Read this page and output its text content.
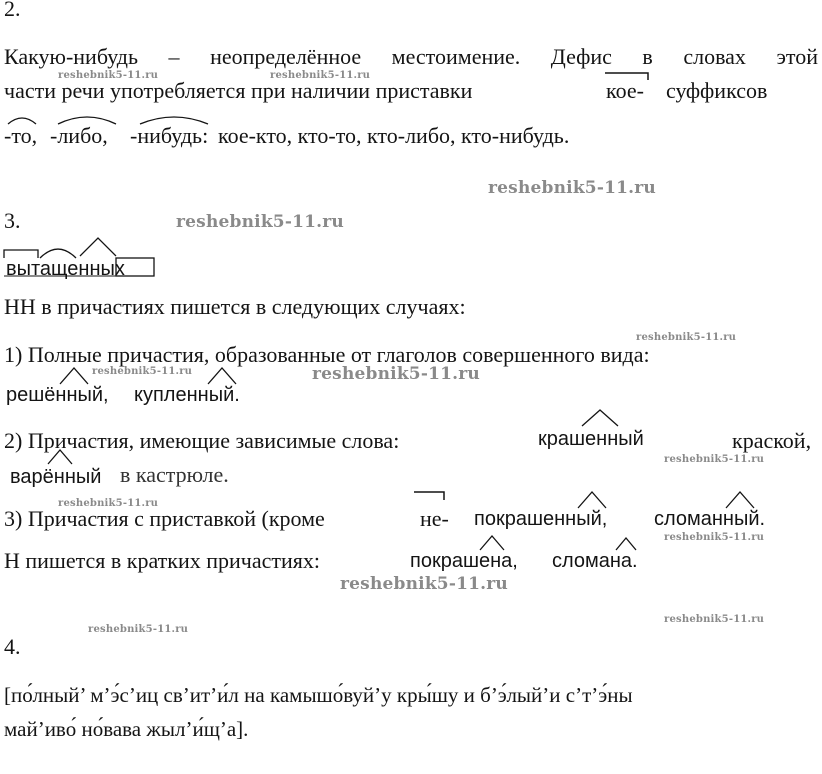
2.
Какую-нибудь – неопределённое местоимение. Дефис в словах этой
части речи употребляется при наличии приставки	кое- суффиксов
-то, -либо, -нибудь: кое-кто, кто-то, кто-либо, кто-нибудь.
3.
вытащенных
НН в причастиях пишется в следующих случаях:
1) Полные причастия, образованные от глаголов совершенного вида:
решённый, купленный.
2) Причастия, имеющие зависимые слова:	крашенный	краской,
варённый в кастрюле.
3) Причастия с приставкой (кроме	не- покрашенный, сломанный.
Н пишется в кратких причастиях:	покрашена, сломана.
4.
[по́лный’ м’э́с’иц св’ит’и́л на камышо́вуй’у кры́шу и б’э́лый’и с’т’э́ны
май’иво́ но́вава жыл’и́щ’а].
reshebnik5-11.ru	reshebnik5-11.ru
reshebnik5-11.ru
reshebnik5-11.ru
reshebnik5-11.ru
reshebnik5-11.ru	reshebnik5-11.ru
reshebnik5-11.ru
reshebnik5-11.ru
reshebnik5-11.ru
reshebnik5-11.ru
reshebnik5-11.ru
reshebnik5-11.ru
